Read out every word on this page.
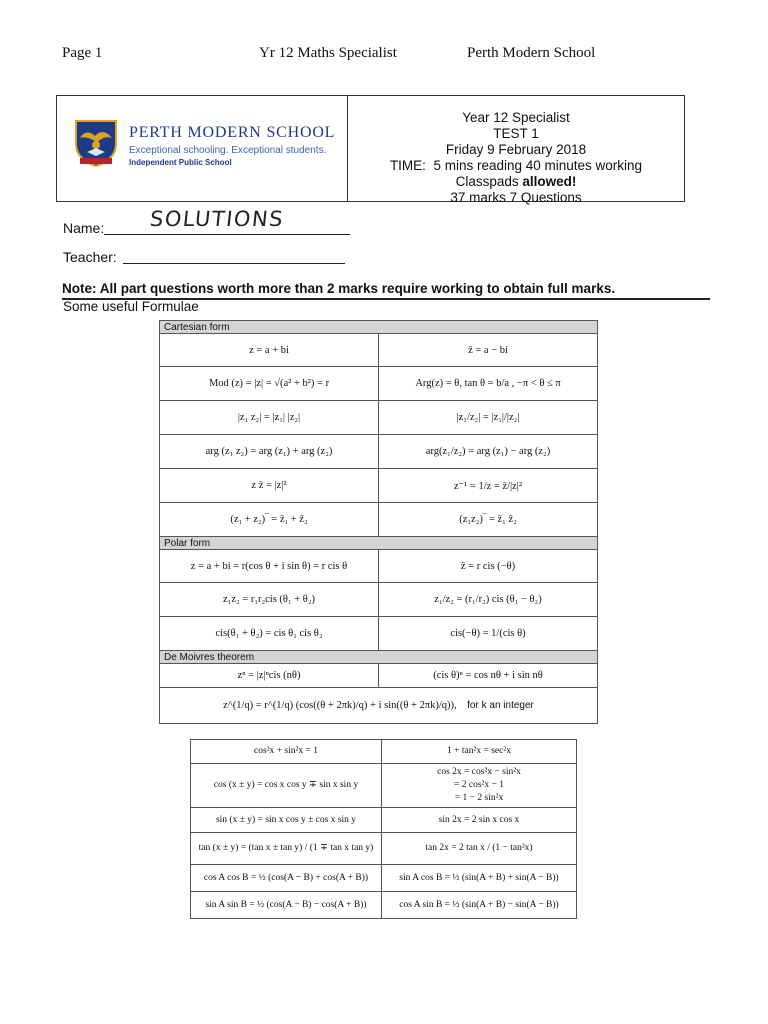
Page 1	Yr 12 Maths Specialist	Perth Modern School
PERTH MODERN SCHOOL
Exceptional schooling. Exceptional students.
Independent Public School
Year 12 Specialist
TEST 1
Friday 9 February 2018
TIME: 5 mins reading 40 minutes working
Classpads allowed!
37 marks 7 Questions
Name: SOLUTIONS
Teacher:
Note: All part questions worth more than 2 marks require working to obtain full marks.
Some useful Formulae
Cartesian form	
z = a + bi	z̄ = a − bi
Mod (z) = |z| = √(a² + b²) = r	Arg(z) = θ, tan θ = b/a , −π < θ ≤ π
|z₁ z₂| = |z₁| |z₂|	|z₁/z₂| = |z₁|/|z₂|
arg (z₁ z₂) = arg (z₁) + arg (z₂)	arg(z₁/z₂) = arg (z₁) − arg (z₂)
z z̄ = |z|²	z⁻¹ = 1/z = z̄/|z|²
(z₁ + z₂)‾ = z̄₁ + z̄₂	(z₁z₂)‾ = z̄₁ z̄₂
Polar form	
z = a + bi = r(cos θ + i sin θ) = r cis θ	z̄ = r cis (−θ)
z₁z₂ = r₁r₂cis (θ₁ + θ₂)	z₁/z₂ = (r₁/r₂) cis (θ₁ − θ₂)
cis(θ₁ + θ₂) = cis θ₁ cis θ₂	cis(−θ) = 1/(cis θ)
De Moivres theorem	
zⁿ = |z|ⁿcis (nθ)	(cis θ)ⁿ = cos nθ + i sin nθ
z^(1/q) = r^(1/q) (cos((θ + 2πk)/q) + i sin((θ + 2πk)/q)), for k an integer	
cos²x + sin²x = 1	1 + tan²x = sec²x
cos (x ± y) = cos x cos y ∓ sin x sin y	cos 2x = cos²x − sin²x
= 2 cos²x − 1
= 1 − 2 sin²x

sin (x ± y) = sin x cos y ± cos x sin y	sin 2x = 2 sin x cos x
tan (x ± y) = (tan x ± tan y) / (1 ∓ tan x tan y)	tan 2x = 2 tan x / (1 − tan²x)
cos A cos B = ½ (cos(A − B) + cos(A + B))	sin A cos B = ½ (sin(A + B) + sin(A − B))
sin A sin B = ½ (cos(A − B) − cos(A + B))	cos A sin B = ½ (sin(A + B) − sin(A − B))
